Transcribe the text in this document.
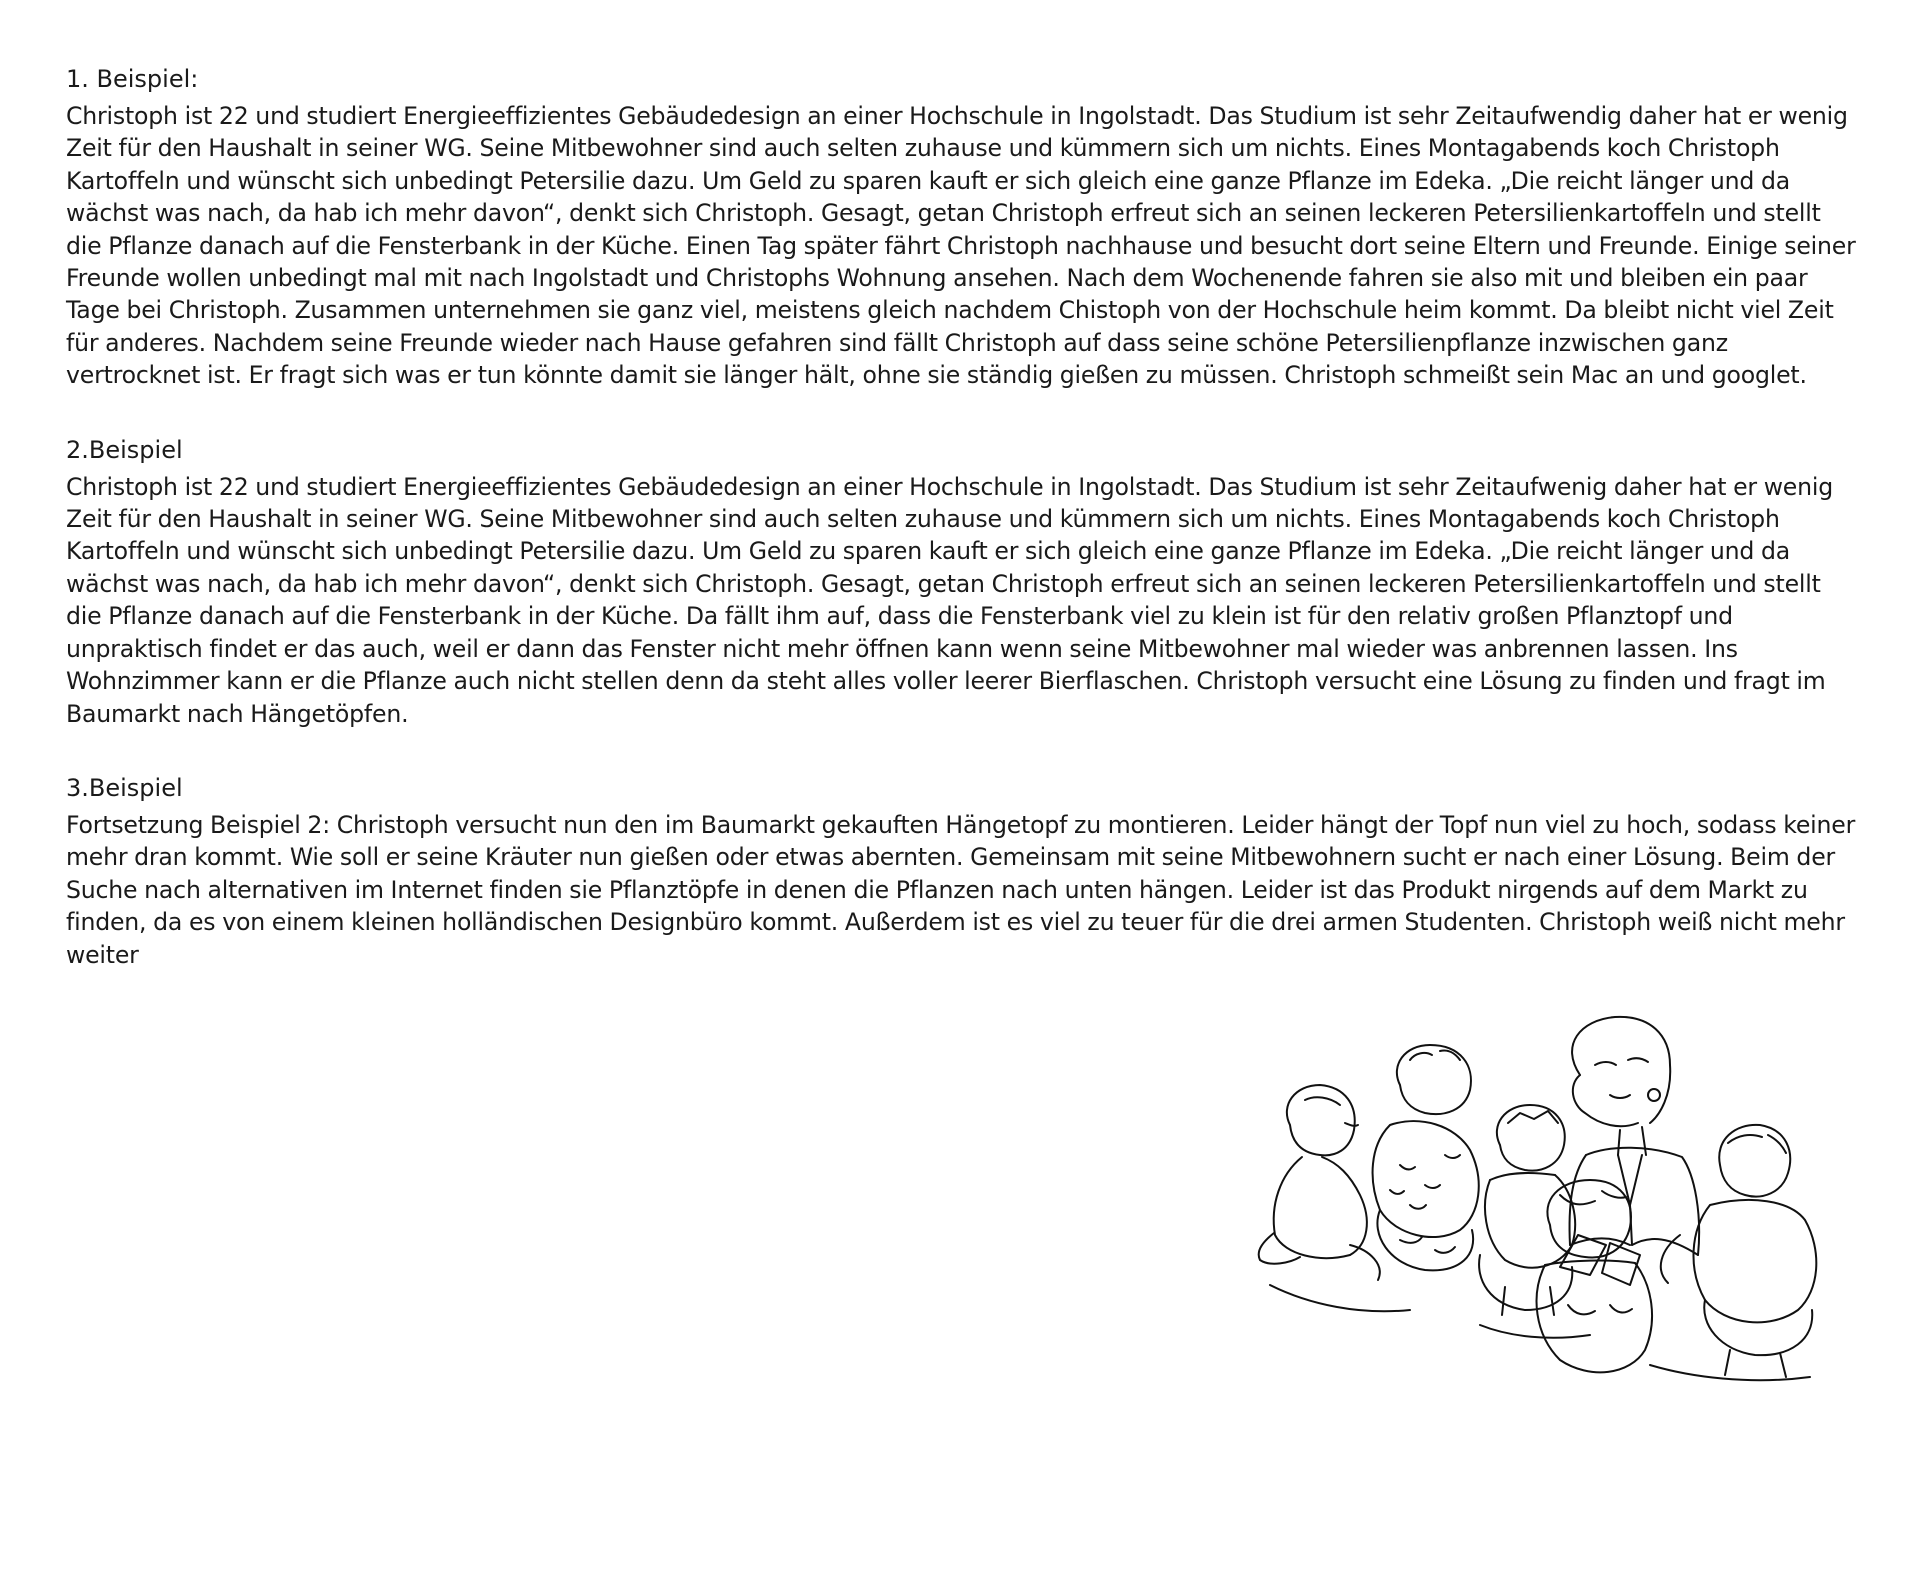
1. Beispiel:

Christoph ist 22 und studiert Energieeffizientes Gebäudedesign an einer Hochschule in Ingolstadt. Das Studium ist sehr Zeitaufwendig daher hat er wenig Zeit für den Haushalt in seiner WG. Seine Mitbewohner sind auch selten zuhause und kümmern sich um nichts. Eines Montagabends koch Christoph Kartoffeln und wünscht sich unbedingt Petersilie dazu. Um Geld zu sparen kauft er sich gleich eine ganze Pflanze im Edeka. „Die reicht länger und da wächst was nach, da hab ich mehr davon“, denkt sich Christoph. Gesagt, getan Christoph erfreut sich an seinen leckeren Petersilienkartoffeln und stellt die Pflanze danach auf die Fensterbank in der Küche. Einen Tag später fährt Christoph nachhause und besucht dort seine Eltern und Freunde. Einige seiner Freunde wollen unbedingt mal mit nach Ingolstadt und Christophs Wohnung ansehen. Nach dem Wochenende fahren sie also mit und bleiben ein paar Tage bei Christoph. Zusammen unternehmen sie ganz viel, meistens gleich nachdem Chistoph von der Hochschule heim kommt. Da bleibt nicht viel Zeit für anderes. Nachdem seine Freunde wieder nach Hause gefahren sind fällt Christoph auf dass seine schöne Petersilienpflanze inzwischen ganz vertrocknet ist. Er fragt sich was er tun könnte damit sie länger hält, ohne sie ständig gießen zu müssen. Christoph schmeißt sein Mac an und googlet.

2.Beispiel

Christoph ist 22 und studiert Energieeffizientes Gebäudedesign an einer Hochschule in Ingolstadt. Das Studium ist sehr Zeitaufwenig daher hat er wenig Zeit für den Haushalt in seiner WG. Seine Mitbewohner sind auch selten zuhause und kümmern sich um nichts. Eines Montagabends koch Christoph Kartoffeln und wünscht sich unbedingt Petersilie dazu. Um Geld zu sparen kauft er sich gleich eine ganze Pflanze im Edeka. „Die reicht länger und da wächst was nach, da hab ich mehr davon“, denkt sich Christoph. Gesagt, getan Christoph erfreut sich an seinen leckeren Petersilienkartoffeln und stellt die Pflanze danach auf die Fensterbank in der Küche. Da fällt ihm auf, dass die Fensterbank viel zu klein ist für den relativ großen Pflanztopf und unpraktisch findet er das auch, weil er dann das Fenster nicht mehr öffnen kann wenn seine Mitbewohner mal wieder was anbrennen lassen. Ins Wohnzimmer kann er die Pflanze auch nicht stellen denn da steht alles voller leerer Bierflaschen. Christoph versucht eine Lösung zu finden und fragt im Baumarkt nach Hängetöpfen.

3.Beispiel

Fortsetzung Beispiel 2: Christoph versucht nun den im Baumarkt gekauften Hängetopf zu montieren. Leider hängt der Topf nun viel zu hoch, sodass keiner mehr dran kommt. Wie soll er seine Kräuter nun gießen oder etwas abernten. Gemeinsam mit seine Mitbewohnern sucht er nach einer Lösung. Beim der Suche nach alternativen im Internet finden sie Pflanztöpfe in denen die Pflanzen nach unten hängen. Leider ist das Produkt nirgends auf dem Markt zu finden, da es von einem kleinen holländischen Designbüro kommt. Außerdem ist es viel zu teuer für die drei armen Studenten. Christoph weiß nicht mehr weiter
